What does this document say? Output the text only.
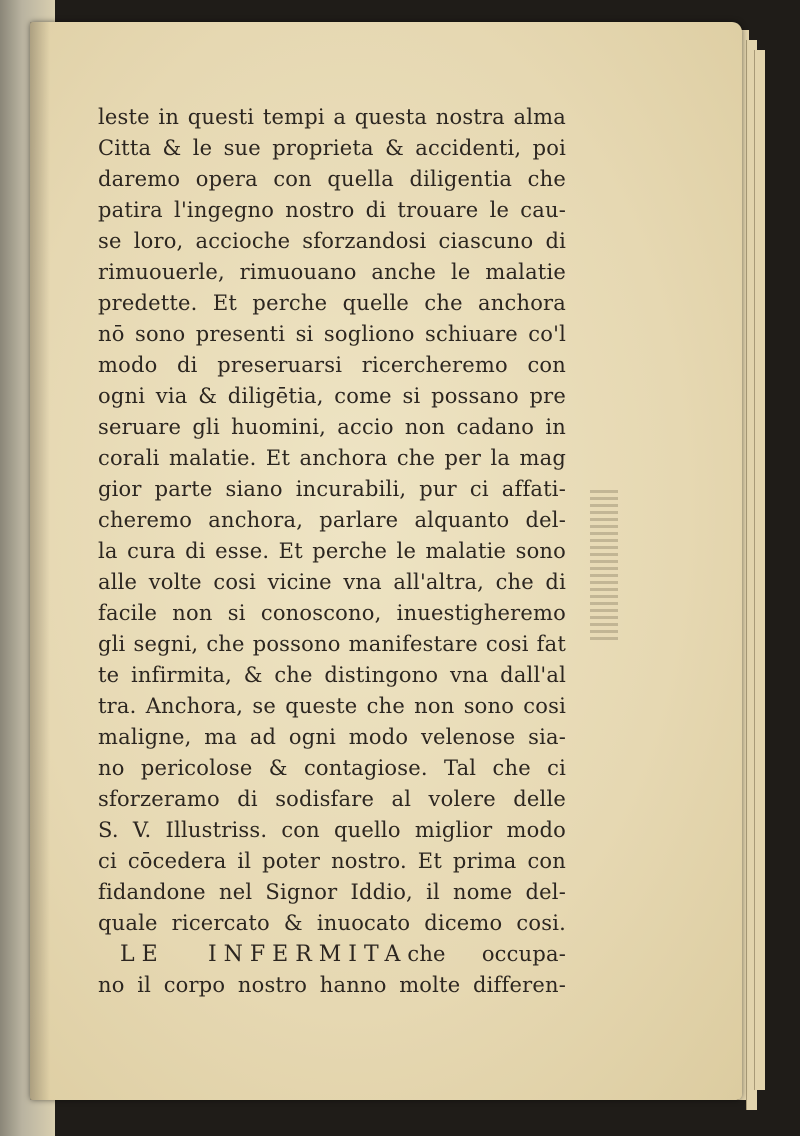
leste in questi tempi a questa nostra alma
Citta & le sue proprieta & accidenti, poi
daremo opera con quella diligentia che
patira l'ingegno nostro di trouare le cau-
se loro, accioche sforzandosi ciascuno di
rimuouerle, rimuouano anche le malatie
predette. Et perche quelle che anchora
nō sono presenti si sogliono schiuare co'l
modo di preseruarsi ricercheremo con
ogni via & diligētia, come si possano pre
seruare gli huomini, accio non cadano in
corali malatie. Et anchora che per la mag
gior parte siano incurabili, pur ci affati-
cheremo anchora, parlare alquanto del-
la cura di esse. Et perche le malatie sono
alle volte cosi vicine vna all'altra, che di
facile non si conoscono, inuestigheremo
gli segni, che possono manifestare cosi fat
te infirmita, & che distingono vna dall'al
tra. Anchora, se queste che non sono cosi
maligne, ma ad ogni modo velenose sia-
no pericolose & contagiose. Tal che ci
sforzeramo di sodisfare al volere delle
S. V. Illustriss. con quello miglior modo
ci cōcedera il poter nostro. Et prima con
fidandone nel Signor Iddio, il nome del-
quale ricercato & inuocato dicemo cosi.
LE INFERMITAche occupa-
no il corpo nostro hanno molte differen-
